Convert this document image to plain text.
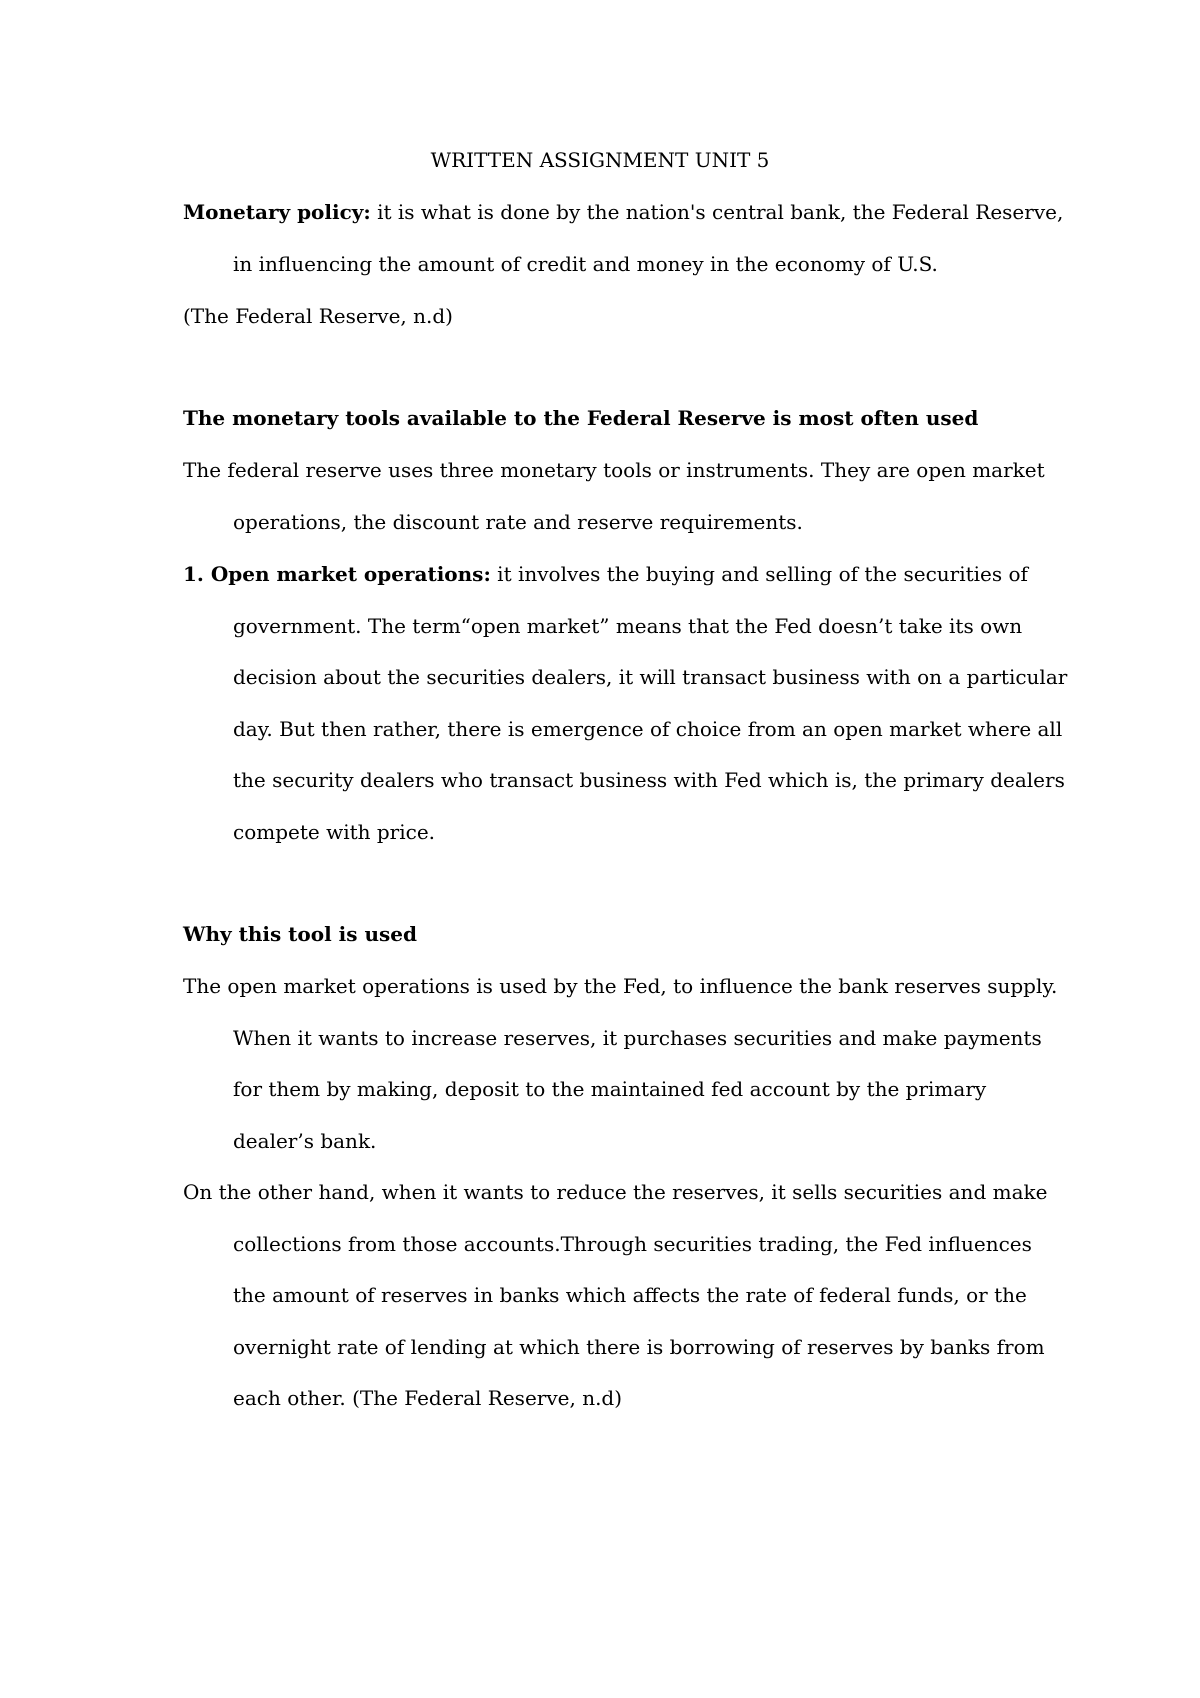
WRITTEN ASSIGNMENT UNIT 5
Monetary policy: it is what is done by the nation's central bank, the Federal Reserve,
in influencing the amount of credit and money in the economy of U.S.
(The Federal Reserve, n.d)
The monetary tools available to the Federal Reserve is most often used
The federal reserve uses three monetary tools or instruments. They are open market
operations, the discount rate and reserve requirements.
1. Open market operations: it involves the buying and selling of the securities of
government. The term“open market” means that the Fed doesn’t take its own
decision about the securities dealers, it will transact business with on a particular
day. But then rather, there is emergence of choice from an open market where all
the security dealers who transact business with Fed which is, the primary dealers
compete with price.
Why this tool is used
The open market operations is used by the Fed, to influence the bank reserves supply.
When it wants to increase reserves, it purchases securities and make payments
for them by making, deposit to the maintained fed account by the primary
dealer’s bank.
On the other hand, when it wants to reduce the reserves, it sells securities and make
collections from those accounts.Through securities trading, the Fed influences
the amount of reserves in banks which affects the rate of federal funds, or the
overnight rate of lending at which there is borrowing of reserves by banks from
each other. (The Federal Reserve, n.d)
